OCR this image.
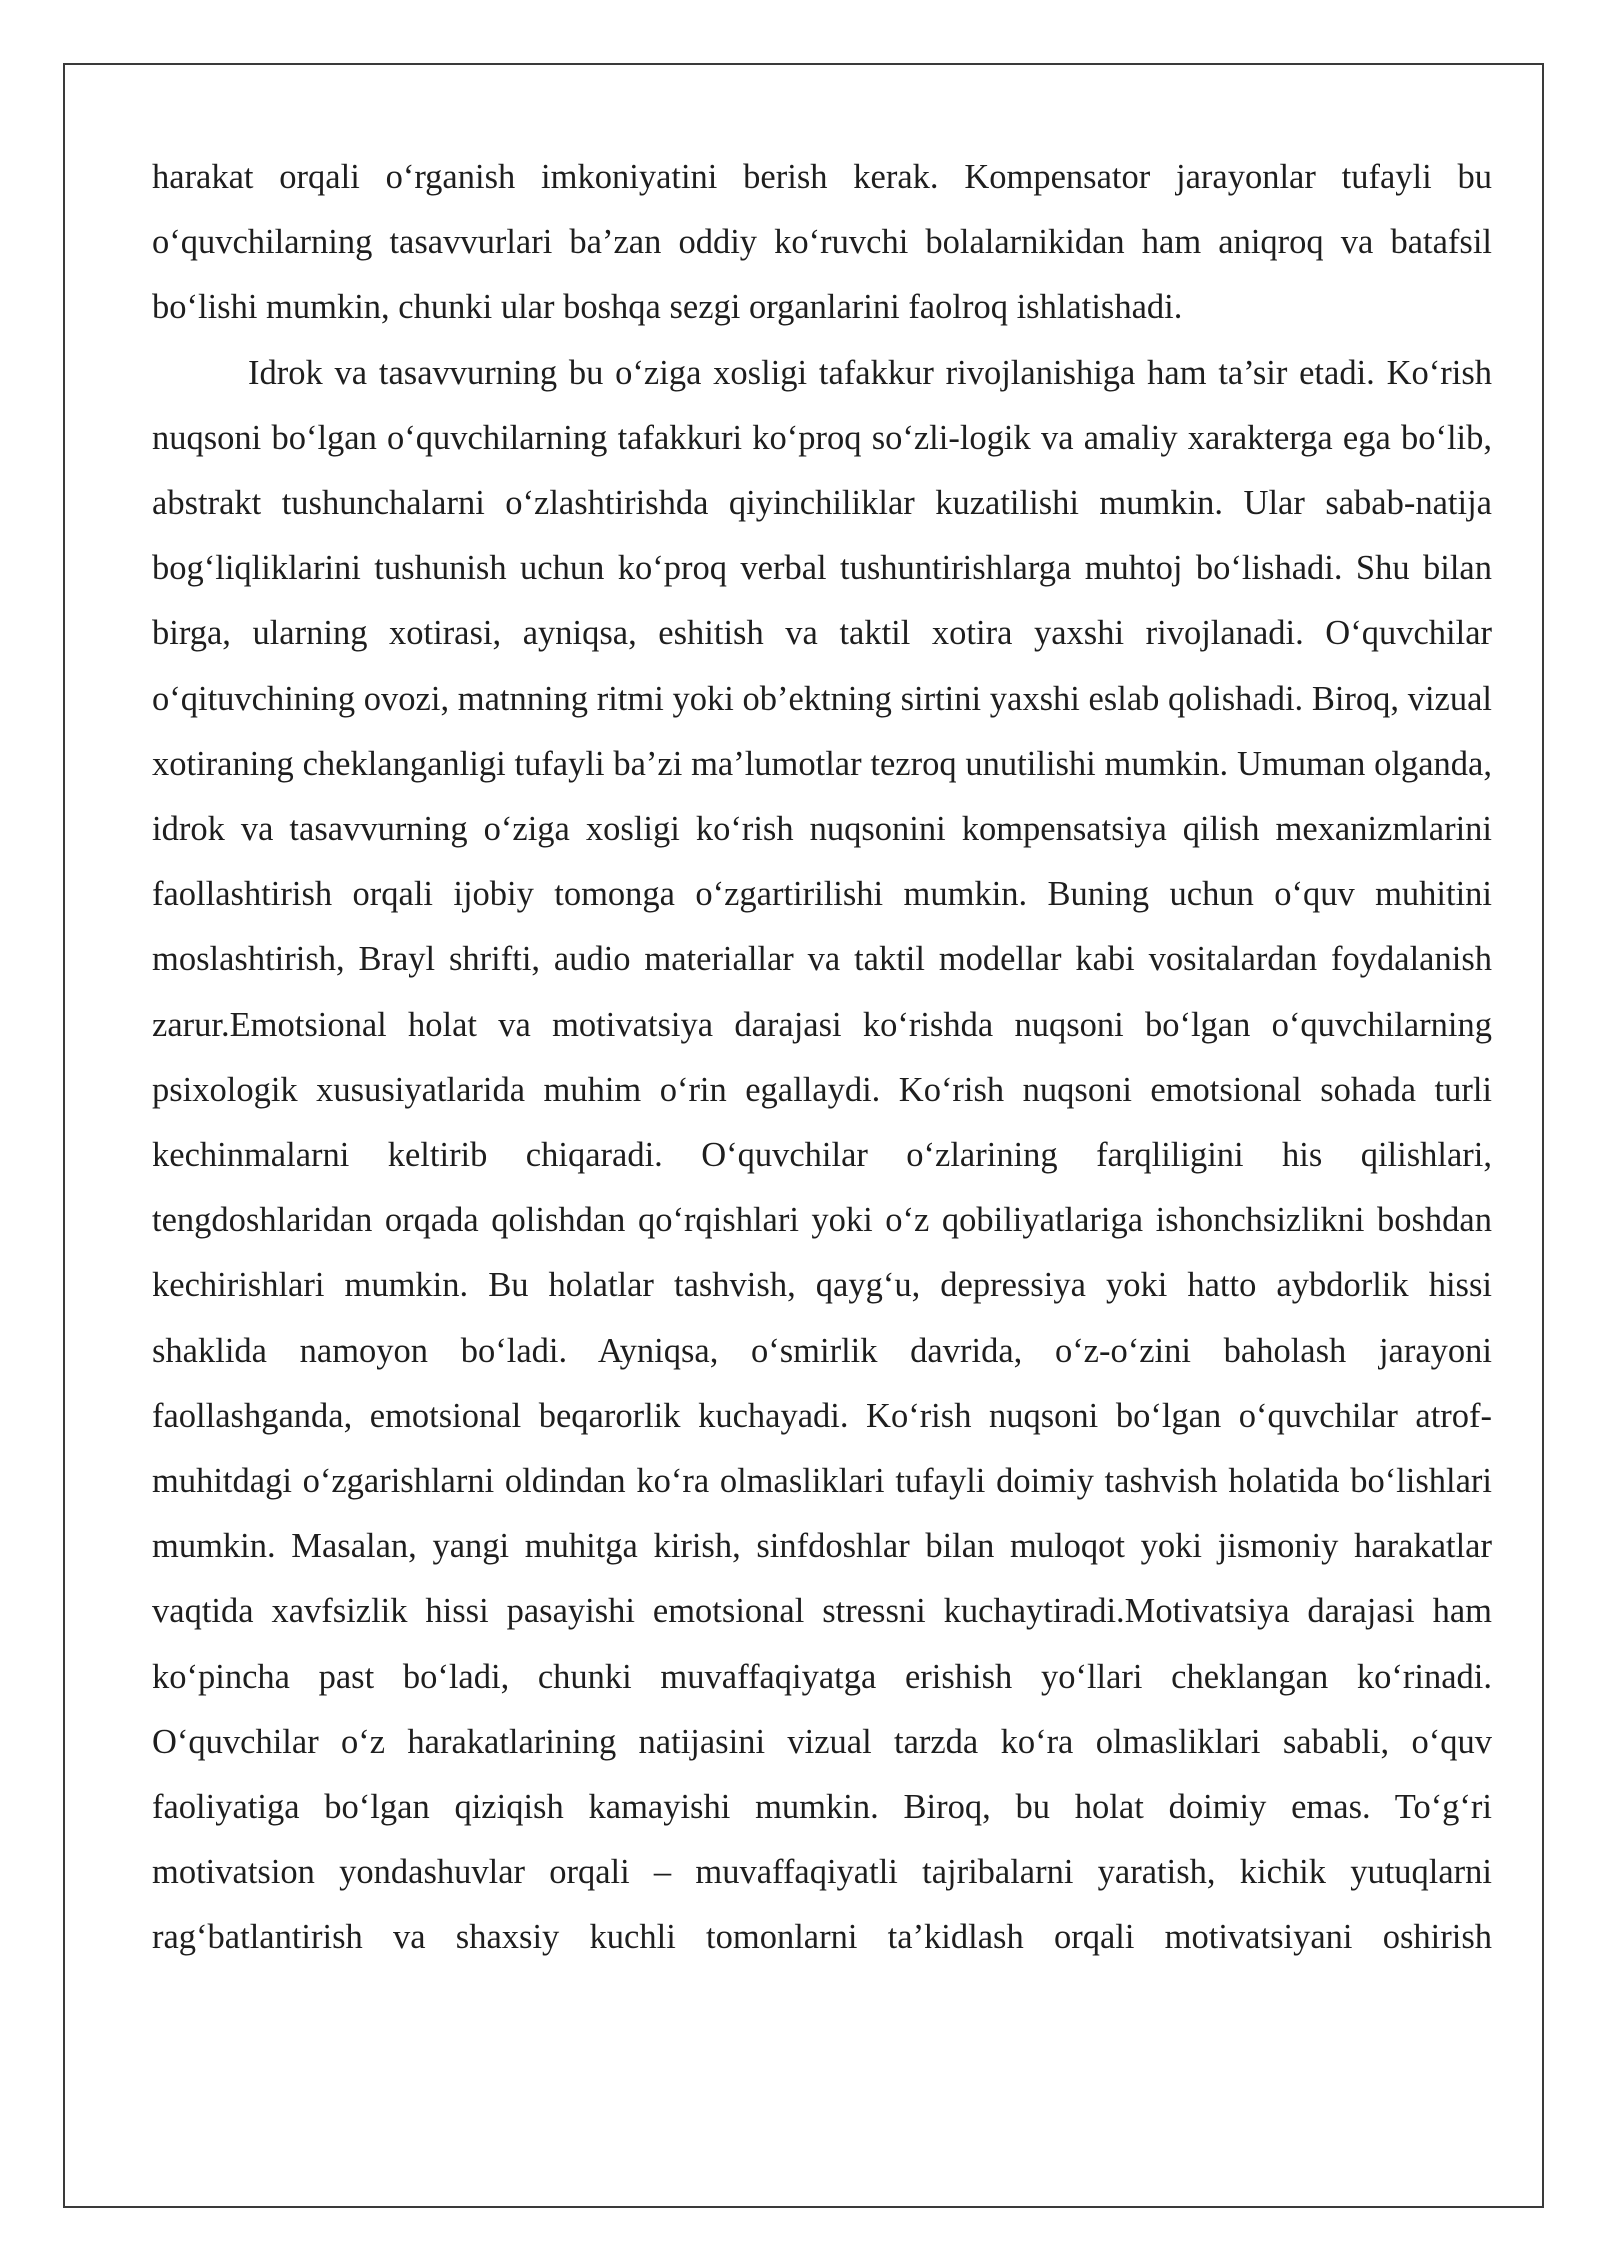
harakat orqali o‘rganish imkoniyatini berish kerak. Kompensator jarayonlar tufayli bu o‘quvchilarning tasavvurlari ba’zan oddiy ko‘ruvchi bolalarnikidan ham aniqroq va batafsil bo‘lishi mumkin, chunki ular boshqa sezgi organlarini faolroq ishlatishadi.

Idrok va tasavvurning bu o‘ziga xosligi tafakkur rivojlanishiga ham ta’sir etadi. Ko‘rish nuqsoni bo‘lgan o‘quvchilarning tafakkuri ko‘proq so‘zli-logik va amaliy xarakterga ega bo‘lib, abstrakt tushunchalarni o‘zlashtirishda qiyinchiliklar kuzatilishi mumkin. Ular sabab-natija bog‘liqliklarini tushunish uchun ko‘proq verbal tushuntirishlarga muhtoj bo‘lishadi. Shu bilan birga, ularning xotirasi, ayniqsa, eshitish va taktil xotira yaxshi rivojlanadi. O‘quvchilar o‘qituvchining ovozi, matnning ritmi yoki ob’ektning sirtini yaxshi eslab qolishadi. Biroq, vizual xotiraning cheklanganligi tufayli ba’zi ma’lumotlar tezroq unutilishi mumkin. Umuman olganda, idrok va tasavvurning o‘ziga xosligi ko‘rish nuqsonini kompensatsiya qilish mexanizmlarini faollashtirish orqali ijobiy tomonga o‘zgartirilishi mumkin. Buning uchun o‘quv muhitini moslashtirish, Brayl shrifti, audio materiallar va taktil modellar kabi vositalardan foydalanish zarur.Emotsional holat va motivatsiya darajasi ko‘rishda nuqsoni bo‘lgan o‘quvchilarning psixologik xususiyatlarida muhim o‘rin egallaydi. Ko‘rish nuqsoni emotsional sohada turli kechinmalarni keltirib chiqaradi. O‘quvchilar o‘zlarining farqliligini his qilishlari, tengdoshlaridan orqada qolishdan qo‘rqishlari yoki o‘z qobiliyatlariga ishonchsizlikni boshdan kechirishlari mumkin. Bu holatlar tashvish, qayg‘u, depressiya yoki hatto aybdorlik hissi shaklida namoyon bo‘ladi. Ayniqsa, o‘smirlik davrida, o‘z-o‘zini baholash jarayoni faollashganda, emotsional beqarorlik kuchayadi. Ko‘rish nuqsoni bo‘lgan o‘quvchilar atrof-muhitdagi o‘zgarishlarni oldindan ko‘ra olmasliklari tufayli doimiy tashvish holatida bo‘lishlari mumkin. Masalan, yangi muhitga kirish, sinfdoshlar bilan muloqot yoki jismoniy harakatlar vaqtida xavfsizlik hissi pasayishi emotsional stressni kuchaytiradi.Motivatsiya darajasi ham ko‘pincha past bo‘ladi, chunki muvaffaqiyatga erishish yo‘llari cheklangan ko‘rinadi. O‘quvchilar o‘z harakatlarining natijasini vizual tarzda ko‘ra olmasliklari sababli, o‘quv faoliyatiga bo‘lgan qiziqish kamayishi mumkin. Biroq, bu holat doimiy emas. To‘g‘ri motivatsion yondashuvlar orqali – muvaffaqiyatli tajribalarni yaratish, kichik yutuqlarni rag‘batlantirish va shaxsiy kuchli tomonlarni ta’kidlash orqali motivatsiyani oshirish
